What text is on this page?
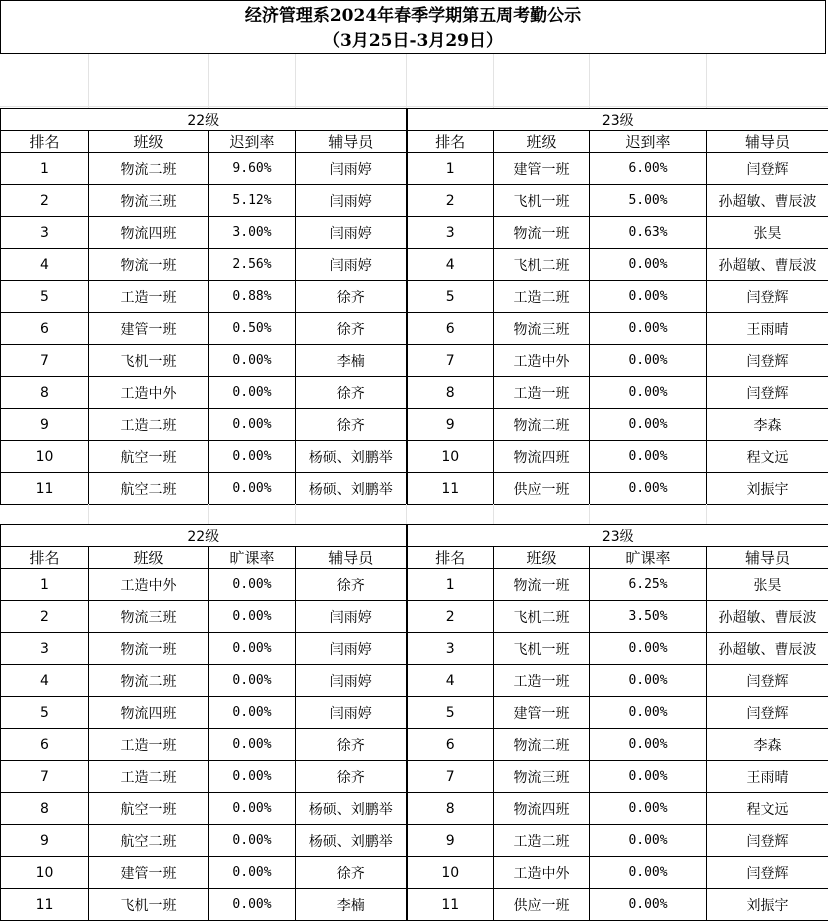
经济管理系2024年春季学期第五周考勤公示
（3月25日-3月29日）
22级				23级			
排名	班级	迟到率	辅导员	排名	班级	迟到率	辅导员
1	物流二班	9.60%	闫雨婷	1	建管一班	6.00%	闫登辉
2	物流三班	5.12%	闫雨婷	2	飞机一班	5.00%	孙超敏、曹辰波
3	物流四班	3.00%	闫雨婷	3	物流一班	0.63%	张昊
4	物流一班	2.56%	闫雨婷	4	飞机二班	0.00%	孙超敏、曹辰波
5	工造一班	0.88%	徐齐	5	工造二班	0.00%	闫登辉
6	建管一班	0.50%	徐齐	6	物流三班	0.00%	王雨晴
7	飞机一班	0.00%	李楠	7	工造中外	0.00%	闫登辉
8	工造中外	0.00%	徐齐	8	工造一班	0.00%	闫登辉
9	工造二班	0.00%	徐齐	9	物流二班	0.00%	李森
10	航空一班	0.00%	杨硕、刘鹏举	10	物流四班	0.00%	程文远
11	航空二班	0.00%	杨硕、刘鹏举	11	供应一班	0.00%	刘振宇
22级				23级			
排名	班级	旷课率	辅导员	排名	班级	旷课率	辅导员
1	工造中外	0.00%	徐齐	1	物流一班	6.25%	张昊
2	物流三班	0.00%	闫雨婷	2	飞机二班	3.50%	孙超敏、曹辰波
3	物流一班	0.00%	闫雨婷	3	飞机一班	0.00%	孙超敏、曹辰波
4	物流二班	0.00%	闫雨婷	4	工造一班	0.00%	闫登辉
5	物流四班	0.00%	闫雨婷	5	建管一班	0.00%	闫登辉
6	工造一班	0.00%	徐齐	6	物流二班	0.00%	李森
7	工造二班	0.00%	徐齐	7	物流三班	0.00%	王雨晴
8	航空一班	0.00%	杨硕、刘鹏举	8	物流四班	0.00%	程文远
9	航空二班	0.00%	杨硕、刘鹏举	9	工造二班	0.00%	闫登辉
10	建管一班	0.00%	徐齐	10	工造中外	0.00%	闫登辉
11	飞机一班	0.00%	李楠	11	供应一班	0.00%	刘振宇
